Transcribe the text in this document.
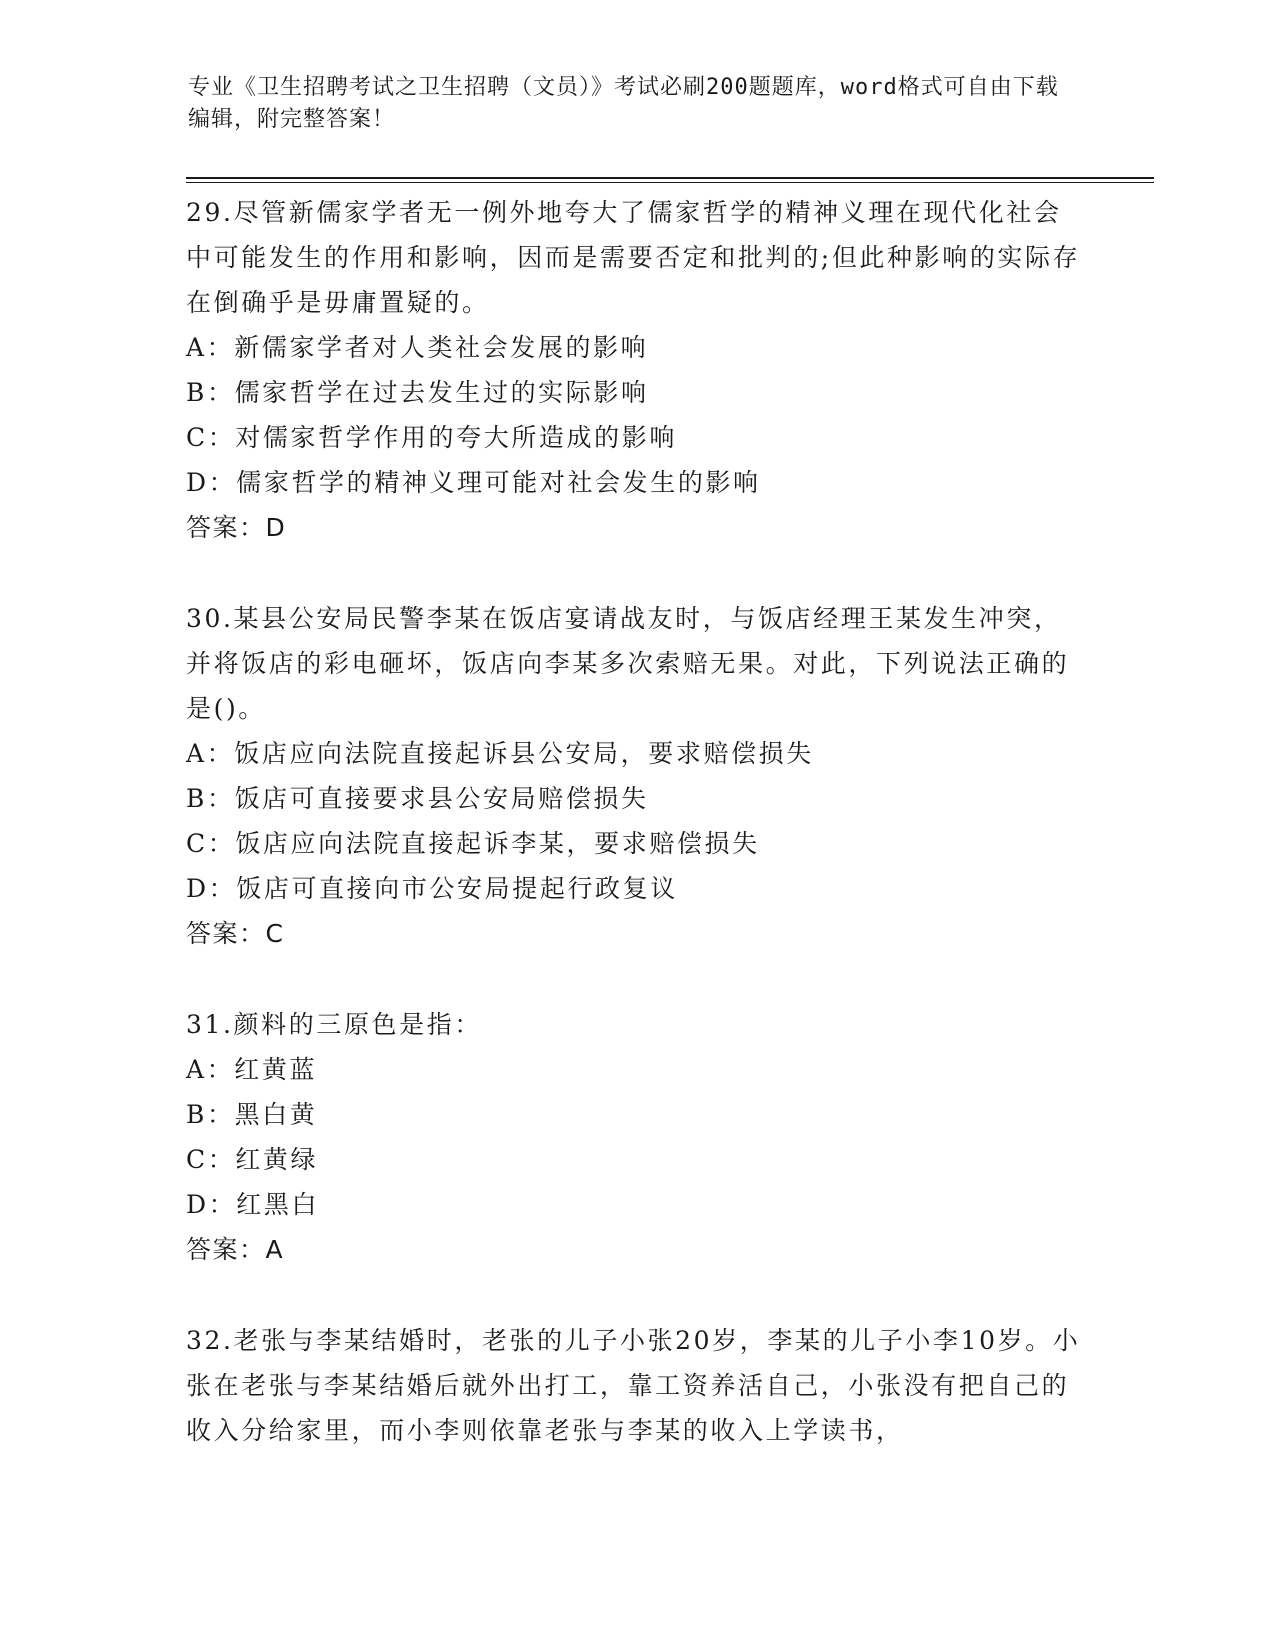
专业《卫生招聘考试之卫生招聘（文员）》考试必刷200题题库，word格式可自由下载编辑，附完整答案！

29.尽管新儒家学者无一例外地夸大了儒家哲学的精神义理在现代化社会中可能发生的作用和影响，因而是需要否定和批判的;但此种影响的实际存在倒确乎是毋庸置疑的。

A：新儒家学者对人类社会发展的影响

B：儒家哲学在过去发生过的实际影响

C：对儒家哲学作用的夸大所造成的影响

D：儒家哲学的精神义理可能对社会发生的影响

答案：D

30.某县公安局民警李某在饭店宴请战友时，与饭店经理王某发生冲突，并将饭店的彩电砸坏，饭店向李某多次索赔无果。对此，下列说法正确的是()。

A：饭店应向法院直接起诉县公安局，要求赔偿损失

B：饭店可直接要求县公安局赔偿损失

C：饭店应向法院直接起诉李某，要求赔偿损失

D：饭店可直接向市公安局提起行政复议

答案：C

31.颜料的三原色是指：

A：红黄蓝

B：黑白黄

C：红黄绿

D：红黑白

答案：A

32.老张与李某结婚时，老张的儿子小张20岁，李某的儿子小李10岁。小张在老张与李某结婚后就外出打工，靠工资养活自己，小张没有把自己的收入分给家里，而小李则依靠老张与李某的收入上学读书，
